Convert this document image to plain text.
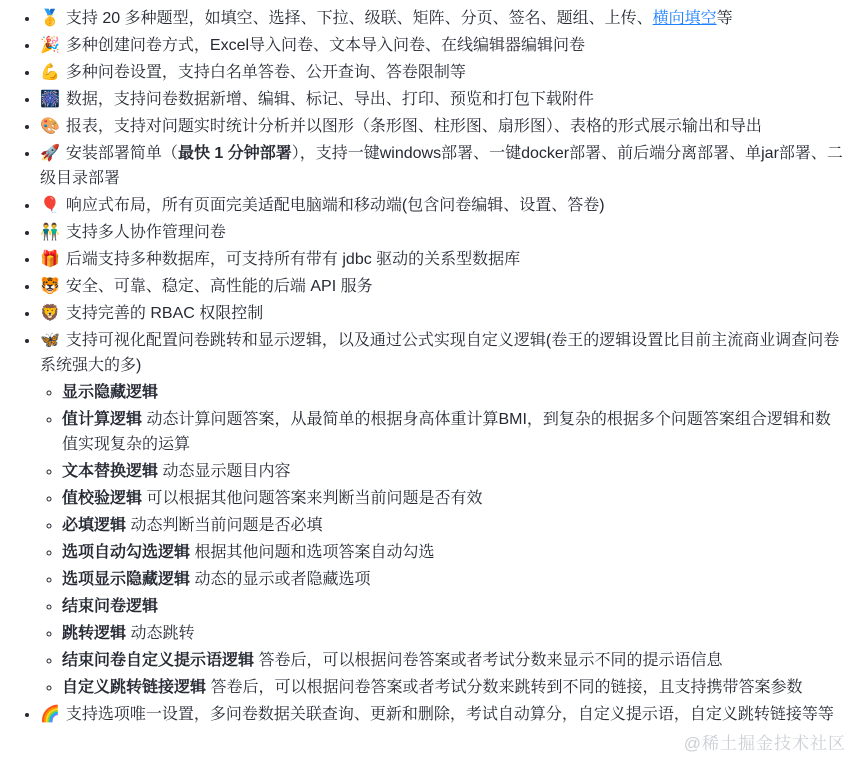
• 🥇 支持 20 多种题型，如填空、选择、下拉、级联、矩阵、分页、签名、题组、上传、横向填空等
• 🎉 多种创建问卷方式，Excel导入问卷、文本导入问卷、在线编辑器编辑问卷
• 💪 多种问卷设置，支持白名单答卷、公开查询、答卷限制等
• 🎆 数据，支持问卷数据新增、编辑、标记、导出、打印、预览和打包下载附件
• 🎨 报表，支持对问题实时统计分析并以图形（条形图、柱形图、扇形图）、表格的形式展示输出和导出
• 🚀 安装部署简单（最快 1 分钟部署），支持一键windows部署、一键docker部署、前后端分离部署、单jar部署、二级目录部署
• 🎈 响应式布局，所有页面完美适配电脑端和移动端(包含问卷编辑、设置、答卷)
• 👬 支持多人协作管理问卷
• 🎁 后端支持多种数据库，可支持所有带有 jdbc 驱动的关系型数据库
• 🐯 安全、可靠、稳定、高性能的后端 API 服务
• 🦁 支持完善的 RBAC 权限控制
• 🦋 支持可视化配置问卷跳转和显示逻辑，以及通过公式实现自定义逻辑(卷王的逻辑设置比目前主流商业调查问卷系统强大的多)
◦ 显示隐藏逻辑
◦ 值计算逻辑 动态计算问题答案，从最简单的根据身高体重计算BMI，到复杂的根据多个问题答案组合逻辑和数值实现复杂的运算
◦ 文本替换逻辑 动态显示题目内容
◦ 值校验逻辑 可以根据其他问题答案来判断当前问题是否有效
◦ 必填逻辑 动态判断当前问题是否必填
◦ 选项自动勾选逻辑 根据其他问题和选项答案自动勾选
◦ 选项显示隐藏逻辑 动态的显示或者隐藏选项
◦ 结束问卷逻辑
◦ 跳转逻辑 动态跳转
◦ 结束问卷自定义提示语逻辑 答卷后，可以根据问卷答案或者考试分数来显示不同的提示语信息
◦ 自定义跳转链接逻辑 答卷后，可以根据问卷答案或者考试分数来跳转到不同的链接，且支持携带答案参数
• 🌈 支持选项唯一设置，多问卷数据关联查询、更新和删除，考试自动算分，自定义提示语，自定义跳转链接等等
@稀土掘金技术社区
